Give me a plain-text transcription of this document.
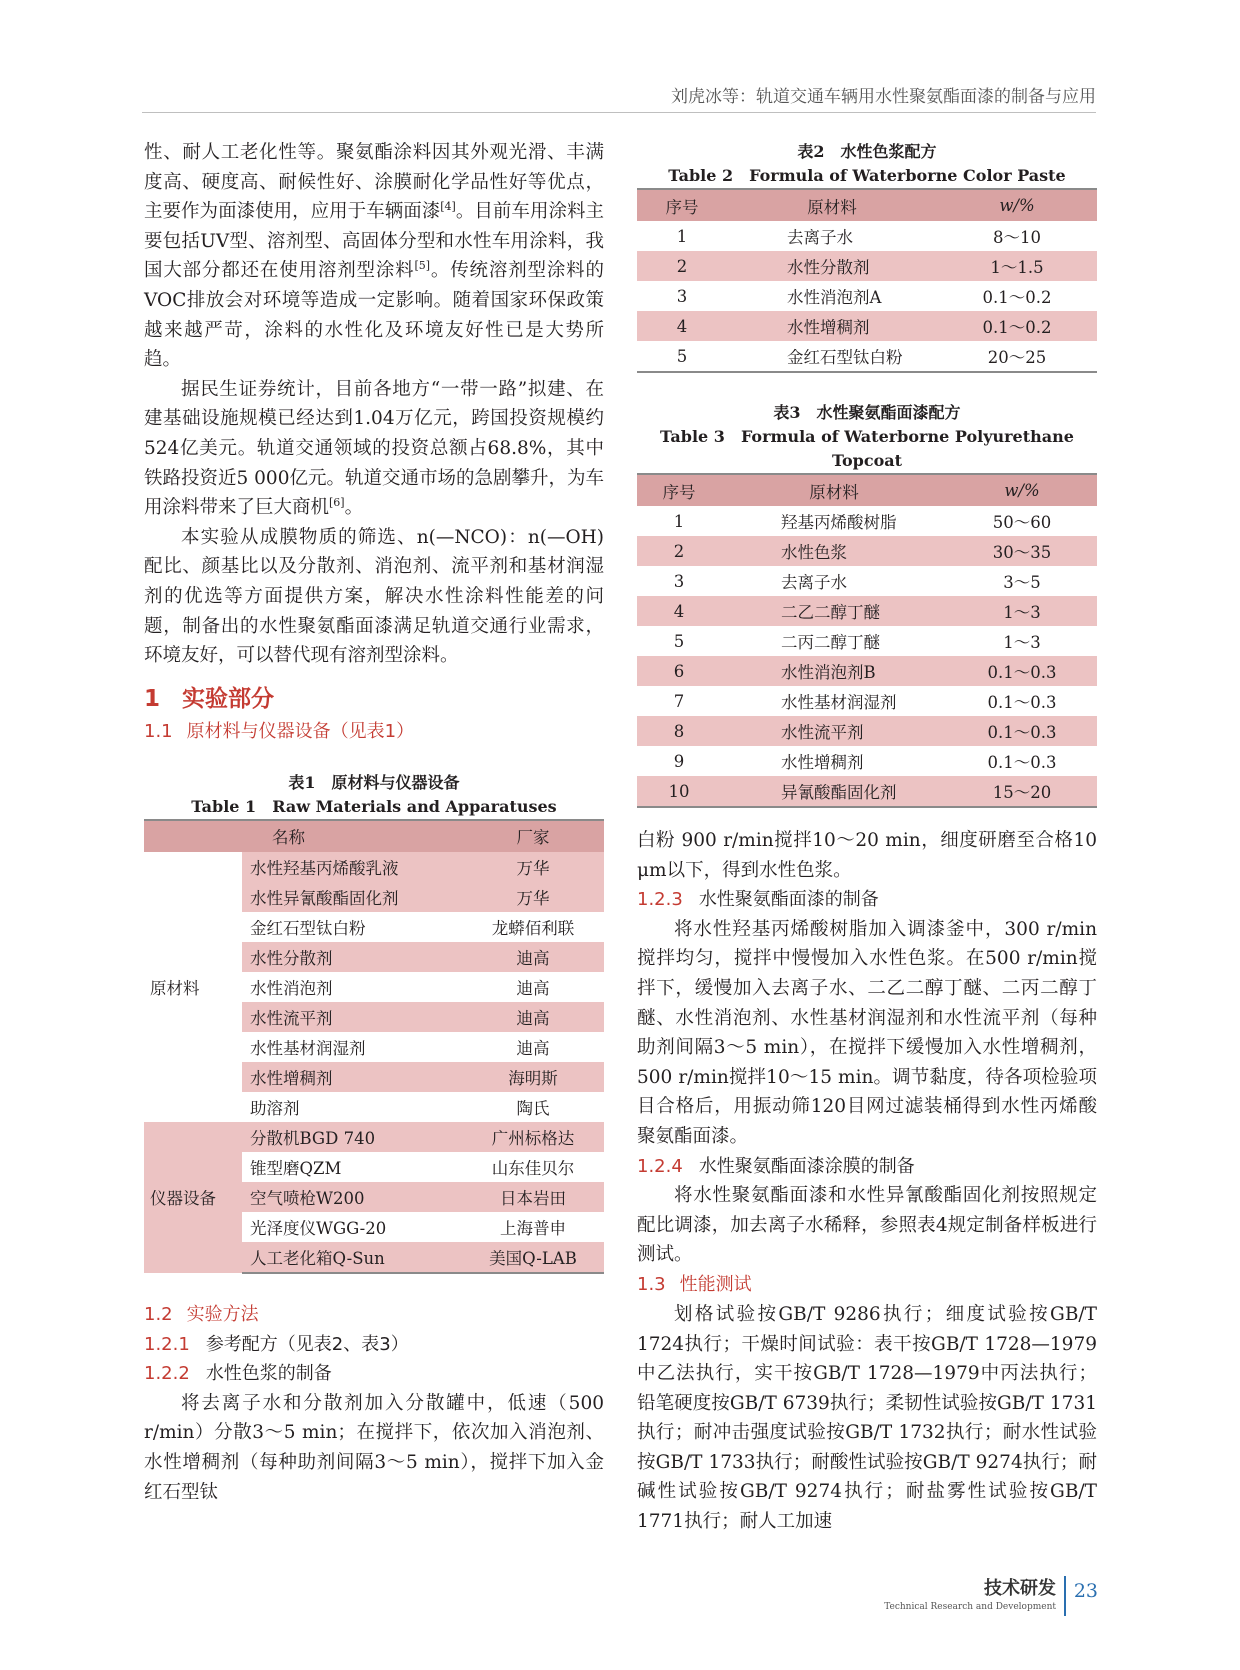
刘虎冰等：轨道交通车辆用水性聚氨酯面漆的制备与应用

性、耐人工老化性等。聚氨酯涂料因其外观光滑、丰满度高、硬度高、耐候性好、涂膜耐化学品性好等优点，主要作为面漆使用，应用于车辆面漆[4]。目前车用涂料主要包括UV型、溶剂型、高固体分型和水性车用涂料，我国大部分都还在使用溶剂型涂料[5]。传统溶剂型涂料的VOC排放会对环境等造成一定影响。随着国家环保政策越来越严苛，涂料的水性化及环境友好性已是大势所趋。

据民生证券统计，目前各地方“一带一路”拟建、在建基础设施规模已经达到1.04万亿元，跨国投资规模约524亿美元。轨道交通领域的投资总额占68.8%，其中铁路投资近5 000亿元。轨道交通市场的急剧攀升，为车用涂料带来了巨大商机[6]。

本实验从成膜物质的筛选、n(—NCO)：n(—OH)配比、颜基比以及分散剂、消泡剂、流平剂和基材润湿剂的优选等方面提供方案，解决水性涂料性能差的问题，制备出的水性聚氨酯面漆满足轨道交通行业需求，环境友好，可以替代现有溶剂型涂料。

1 实验部分

1.1 原材料与仪器设备（见表1）

表1　原材料与仪器设备

Table 1　Raw Materials and Apparatuses

	名称	厂家
原材料	水性羟基丙烯酸乳液	万华
	水性异氰酸酯固化剂	万华
	金红石型钛白粉	龙蟒佰利联
	水性分散剂	迪高
	水性消泡剂	迪高
	水性流平剂	迪高
	水性基材润湿剂	迪高
	水性增稠剂	海明斯
	助溶剂	陶氏
仪器设备	分散机BGD 740	广州标格达
	锥型磨QZM	山东佳贝尔
	空气喷枪W200	日本岩田
	光泽度仪WGG-20	上海普申
	人工老化箱Q-Sun	美国Q-LAB

1.2 实验方法

1.2.1 参考配方（见表2、表3）

1.2.2 水性色浆的制备

将去离子水和分散剂加入分散罐中，低速（500 r/min）分散3～5 min；在搅拌下，依次加入消泡剂、水性增稠剂（每种助剂间隔3～5 min），搅拌下加入金红石型钛

表2　水性色浆配方

Table 2　Formula of Waterborne Color Paste

序号	原材料	w/%
1	去离子水	8～10
2	水性分散剂	1～1.5
3	水性消泡剂A	0.1～0.2
4	水性增稠剂	0.1～0.2
5	金红石型钛白粉	20～25

表3　水性聚氨酯面漆配方

Table 3　Formula of Waterborne Polyurethane Topcoat

序号	原材料	w/%
1	羟基丙烯酸树脂	50～60
2	水性色浆	30～35
3	去离子水	3～5
4	二乙二醇丁醚	1～3
5	二丙二醇丁醚	1～3
6	水性消泡剂B	0.1～0.3
7	水性基材润湿剂	0.1～0.3
8	水性流平剂	0.1～0.3
9	水性增稠剂	0.1～0.3
10	异氰酸酯固化剂	15～20

白粉 900 r/min搅拌10～20 min，细度研磨至合格10 μm以下，得到水性色浆。

1.2.3 水性聚氨酯面漆的制备

将水性羟基丙烯酸树脂加入调漆釜中，300 r/min搅拌均匀，搅拌中慢慢加入水性色浆。在500 r/min搅拌下，缓慢加入去离子水、二乙二醇丁醚、二丙二醇丁醚、水性消泡剂、水性基材润湿剂和水性流平剂（每种助剂间隔3～5 min），在搅拌下缓慢加入水性增稠剂，500 r/min搅拌10～15 min。调节黏度，待各项检验项目合格后，用振动筛120目网过滤装桶得到水性丙烯酸聚氨酯面漆。

1.2.4 水性聚氨酯面漆涂膜的制备

将水性聚氨酯面漆和水性异氰酸酯固化剂按照规定配比调漆，加去离子水稀释，参照表4规定制备样板进行测试。

1.3 性能测试

划格试验按GB/T 9286执行；细度试验按GB/T 1724执行；干燥时间试验：表干按GB/T 1728—1979中乙法执行，实干按GB/T 1728—1979中丙法执行；铅笔硬度按GB/T 6739执行；柔韧性试验按GB/T 1731执行；耐冲击强度试验按GB/T 1732执行；耐水性试验按GB/T 1733执行；耐酸性试验按GB/T 9274执行；耐碱性试验按GB/T 9274执行；耐盐雾性试验按GB/T 1771执行；耐人工加速

技术研发
Technical Research and Development
23
